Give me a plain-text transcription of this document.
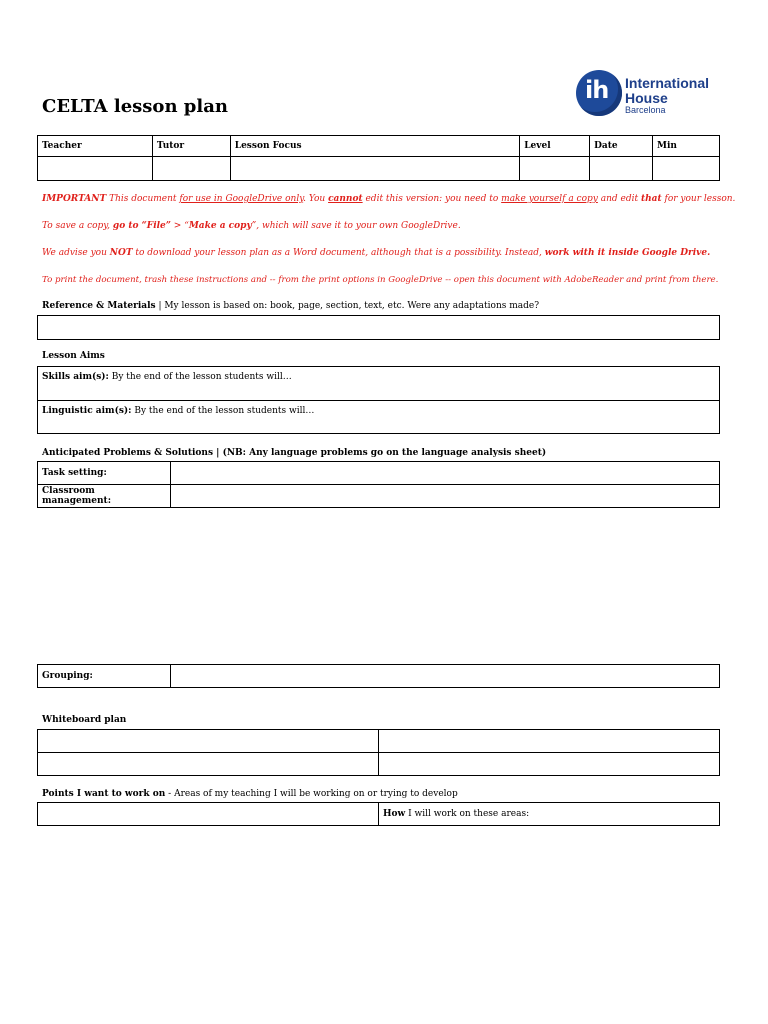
CELTA lesson plan
ih International
House
Barcelona
Teacher	Tutor	Lesson Focus	Level	Date	Min

IMPORTANT This document for use in GoogleDrive only. You cannot edit this version: you need to make yourself a copy and edit that for your lesson.
To save a copy, go to “File” > “Make a copy”, which will save it to your own GoogleDrive.
We advise you NOT to download your lesson plan as a Word document, although that is a possibility. Instead, work with it inside Google Drive.
To print the document, trash these instructions and -- from the print options in GoogleDrive -- open this document with AdobeReader and print from there.
Reference & Materials | My lesson is based on: book, page, section, text, etc. Were any adaptations made?
Lesson Aims
Skills aim(s): By the end of the lesson students will…
Linguistic aim(s): By the end of the lesson students will…
Anticipated Problems & Solutions | (NB: Any language problems go on the language analysis sheet)
Task setting:	
Classroom management:	
Grouping:	
Whiteboard plan

Points I want to work on - Areas of my teaching I will be working on or trying to develop
	How I will work on these areas:
